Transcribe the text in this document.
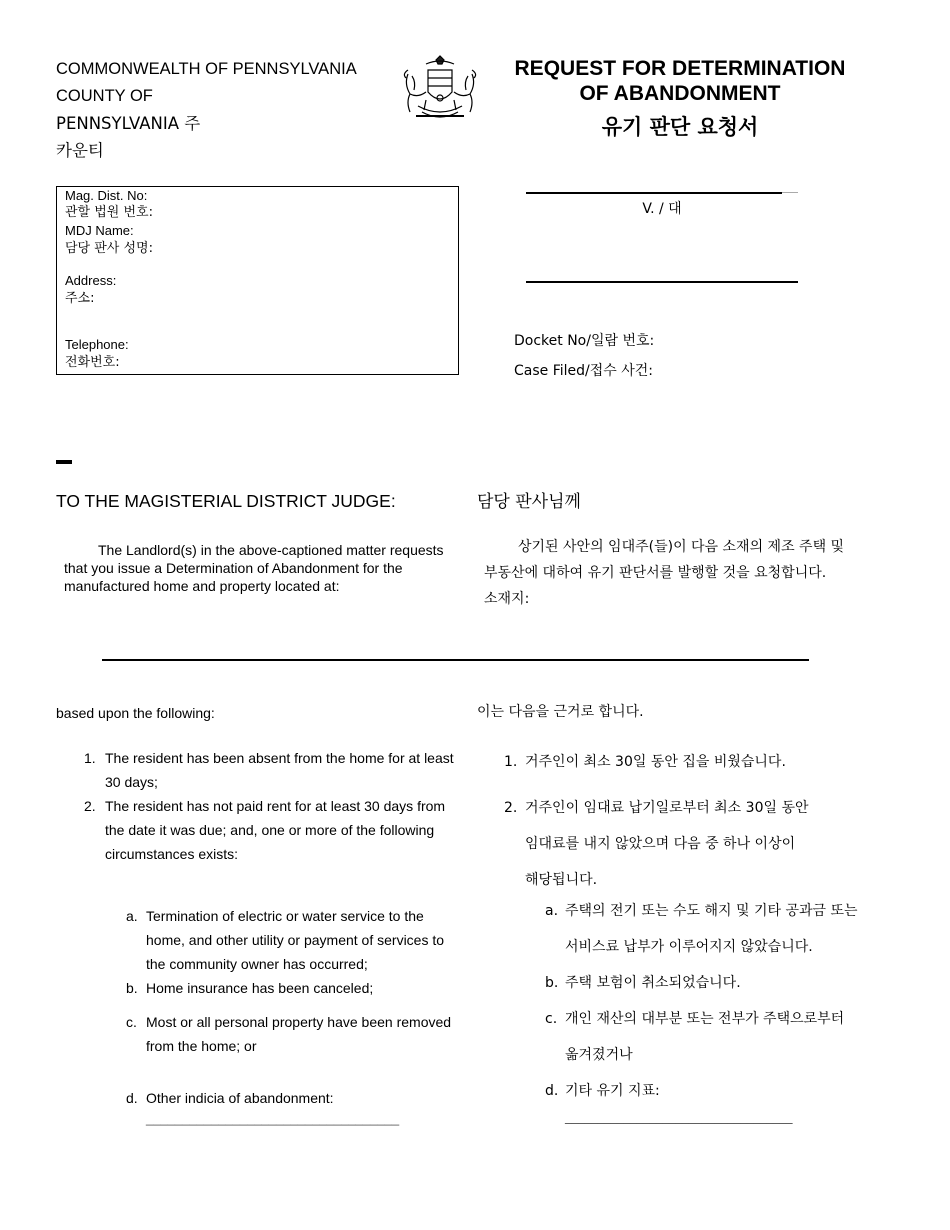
COMMONWEALTH OF PENNSYLVANIA
COUNTY OF
PENNSYLVANIA 주
카운티
REQUEST FOR DETERMINATION
OF ABANDONMENT
유기 판단 요청서
Mag. Dist. No:
관할 법원 번호:
MDJ Name:
담당 판사 성명:
Address:
주소:
Telephone:
전화번호:
V. / 대
Docket No/일람 번호:
Case Filed/접수 사건:
TO THE MAGISTERIAL DISTRICT JUDGE:	담당 판사님께
The Landlord(s) in the above-captioned matter requests that you issue a Determination of Abandonment for the manufactured home and property located at:
상기된 사안의 임대주(들)이 다음 소재의 제조 주택 및
부동산에 대하여 유기 판단서를 발행할 것을 요청합니다.
소재지:
based upon the following:	이는 다음을 근거로 합니다.
1. The resident has been absent from the home for at least
30 days;
2. The resident has not paid rent for at least 30 days from
the date it was due; and, one or more of the following
circumstances exists:
a. Termination of electric or water service to the
home, and other utility or payment of services to
the community owner has occurred;
b. Home insurance has been canceled;
c. Most or all personal property have been removed
from the home; or
d. Other indicia of abandonment:
___________________________________
1. 거주인이 최소 30일 동안 집을 비웠습니다.
2. 거주인이 임대료 납기일로부터 최소 30일 동안
임대료를 내지 않았으며 다음 중 하나 이상이
해당됩니다.
a. 주택의 전기 또는 수도 해지 및 기타 공과금 또는
서비스료 납부가 이루어지지 않았습니다.
b. 주택 보험이 취소되었습니다.
c. 개인 재산의 대부분 또는 전부가 주택으로부터
옮겨졌거나
d. 기타 유기 지표:
___________________________________
